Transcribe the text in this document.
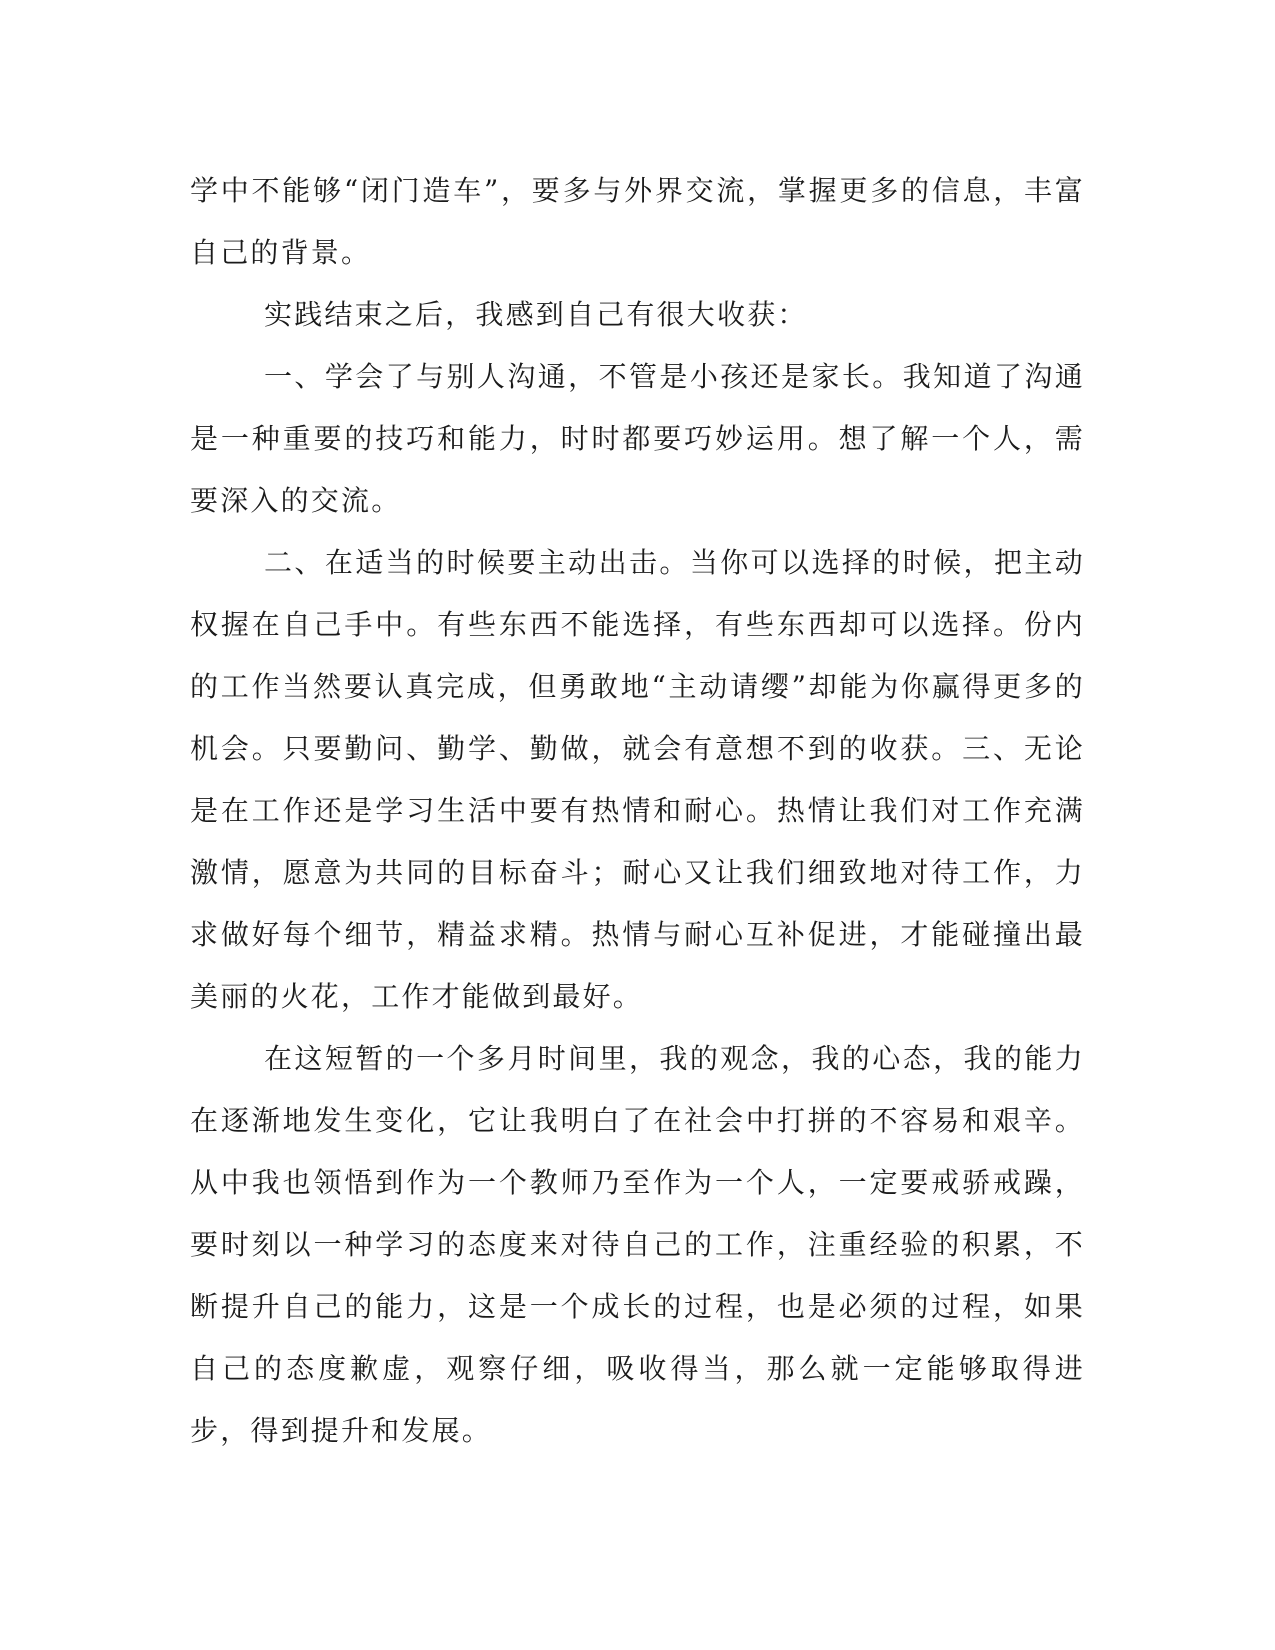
学中不能够“闭门造车”，要多与外界交流，掌握更多的信息，丰富自己的背景。

实践结束之后，我感到自己有很大收获：

一、学会了与别人沟通，不管是小孩还是家长。我知道了沟通是一种重要的技巧和能力，时时都要巧妙运用。想了解一个人，需要深入的交流。

二、在适当的时候要主动出击。当你可以选择的时候，把主动权握在自己手中。有些东西不能选择，有些东西却可以选择。份内的工作当然要认真完成，但勇敢地“主动请缨”却能为你赢得更多的机会。只要勤问、勤学、勤做，就会有意想不到的收获。三、无论是在工作还是学习生活中要有热情和耐心。热情让我们对工作充满激情，愿意为共同的目标奋斗；耐心又让我们细致地对待工作，力求做好每个细节，精益求精。热情与耐心互补促进，才能碰撞出最美丽的火花，工作才能做到最好。

在这短暂的一个多月时间里，我的观念，我的心态，我的能力在逐渐地发生变化，它让我明白了在社会中打拼的不容易和艰辛。从中我也领悟到作为一个教师乃至作为一个人，一定要戒骄戒躁，要时刻以一种学习的态度来对待自己的工作，注重经验的积累，不断提升自己的能力，这是一个成长的过程，也是必须的过程，如果自己的态度歉虚，观察仔细，吸收得当，那么就一定能够取得进步，得到提升和发展。
